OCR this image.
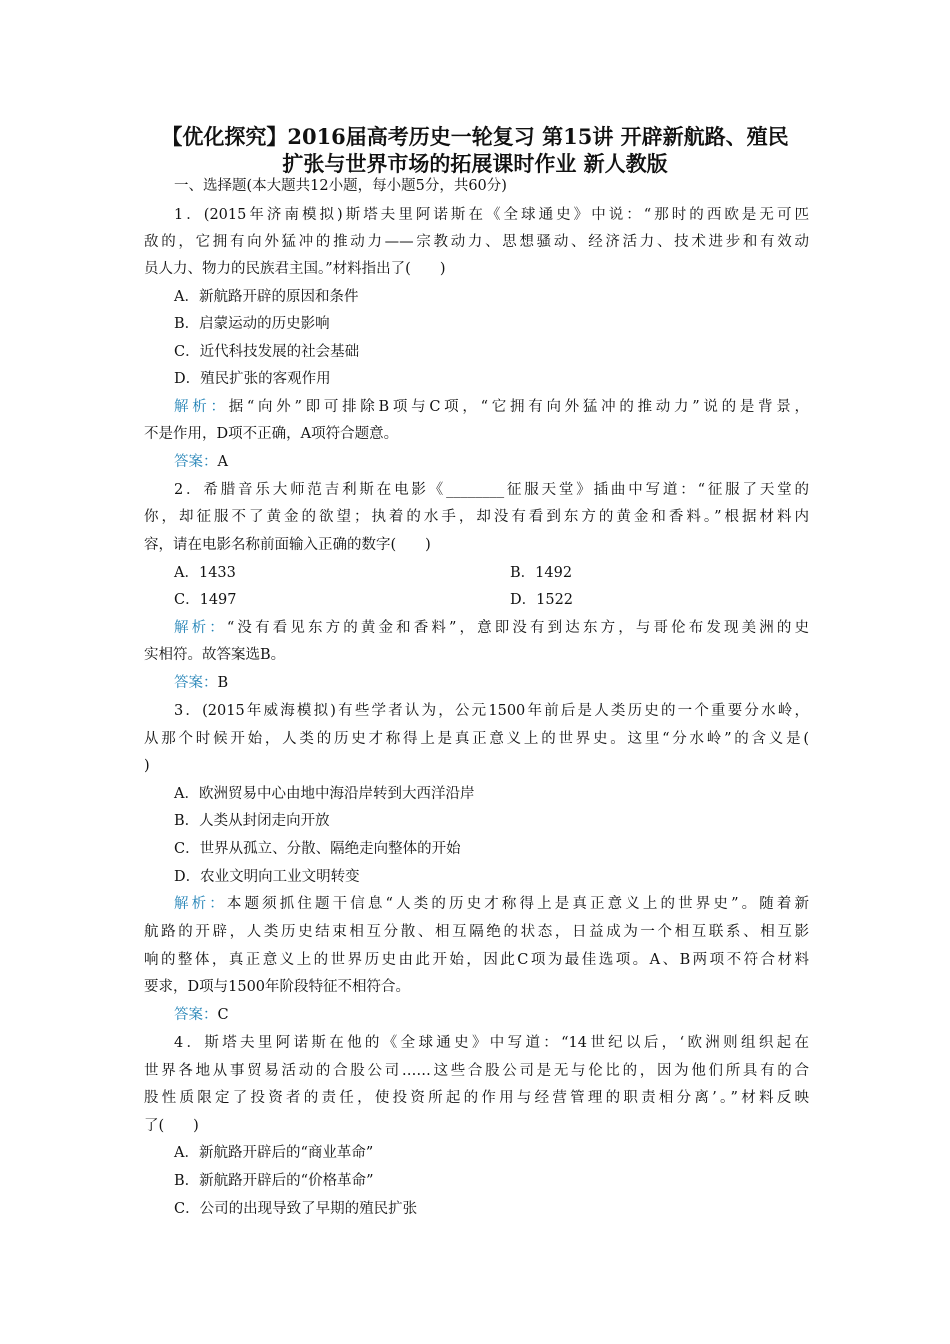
【优化探究】2016届高考历史一轮复习 第15讲 开辟新航路、殖民
扩张与世界市场的拓展课时作业 新人教版
一、选择题(本大题共12小题，每小题5分，共60分)
1．(2015年济南模拟)斯塔夫里阿诺斯在《全球通史》中说：“那时的西欧是无可匹
敌的，它拥有向外猛冲的推动力——宗教动力、思想骚动、经济活力、技术进步和有效动
员人力、物力的民族君主国。”材料指出了(　　)
A．新航路开辟的原因和条件
B．启蒙运动的历史影响
C．近代科技发展的社会基础
D．殖民扩张的客观作用
解析：据“向外”即可排除B项与C项，“它拥有向外猛冲的推动力”说的是背景，
不是作用，D项不正确，A项符合题意。
答案：A
2．希腊音乐大师范吉利斯在电影《________征服天堂》插曲中写道：“征服了天堂的
你，却征服不了黄金的欲望；执着的水手，却没有看到东方的黄金和香料。”根据材料内
容，请在电影名称前面输入正确的数字(　　)
A．1433	B．1492
C．1497	D．1522
解析：“没有看见东方的黄金和香料”，意即没有到达东方，与哥伦布发现美洲的史
实相符。故答案选B。
答案：B
3．(2015年威海模拟)有些学者认为，公元1500年前后是人类历史的一个重要分水岭，
从那个时候开始，人类的历史才称得上是真正意义上的世界史。这里“分水岭”的含义是(
)
A．欧洲贸易中心由地中海沿岸转到大西洋沿岸
B．人类从封闭走向开放
C．世界从孤立、分散、隔绝走向整体的开始
D．农业文明向工业文明转变
解析：本题须抓住题干信息“人类的历史才称得上是真正意义上的世界史”。随着新
航路的开辟，人类历史结束相互分散、相互隔绝的状态，日益成为一个相互联系、相互影
响的整体，真正意义上的世界历史由此开始，因此C项为最佳选项。A、B两项不符合材料
要求，D项与1500年阶段特征不相符合。
答案：C
4．斯塔夫里阿诺斯在他的《全球通史》中写道：“14世纪以后，‘欧洲则组织起在
世界各地从事贸易活动的合股公司……这些合股公司是无与伦比的，因为他们所具有的合
股性质限定了投资者的责任，使投资所起的作用与经营管理的职责相分离’。”材料反映
了(　　)
A．新航路开辟后的“商业革命”
B．新航路开辟后的“价格革命”
C．公司的出现导致了早期的殖民扩张
